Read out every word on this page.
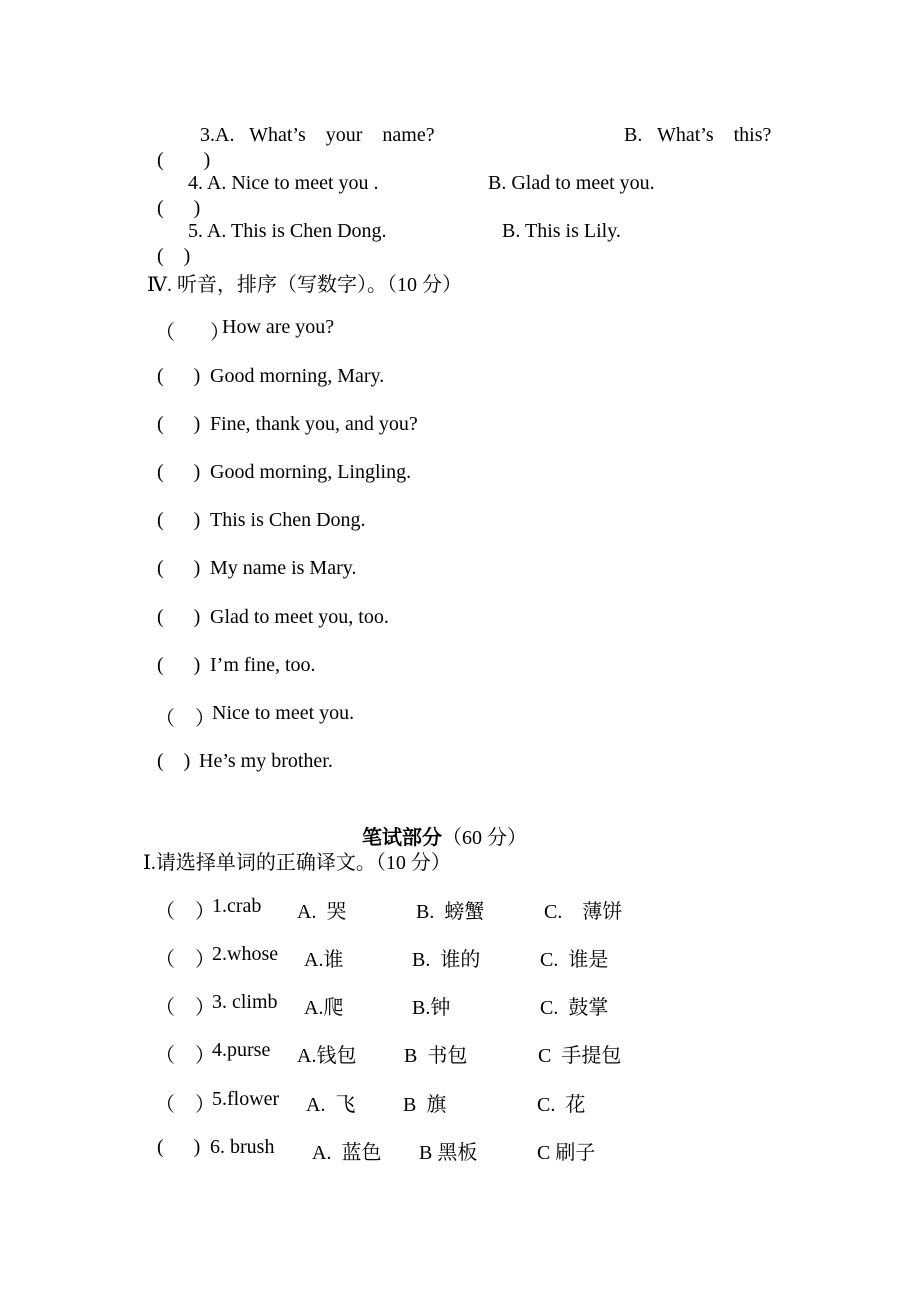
(        )

3.A.   What’s    your    name?	B.   What’s    this?

(      )

4. A. Nice to meet you .	B. Glad to meet you.

(    )

5. A. This is Chen Dong.	B. This is Lily.
Ⅳ. 听音，排序（写数字）。（10 分）
（       ）
How are you?
(      ) Good morning, Mary.
(      ) Fine, thank you, and you?
(      ) Good morning, Lingling.
(      ) This is Chen Dong.
(      ) My name is Mary.
(      ) Glad to meet you, too.
(      ) I’m fine, too.
（    ）
Nice to meet you.
(    ) He’s my brother.

笔试部分（60 分）

Ⅰ.请选择单词的正确译文。（10 分）
（    ）
1.crab A.  哭	B.  螃蟹	C.    薄饼
（    ）
2.whose A.谁	B.  谁的	C.  谁是
（    ）
3. climb A.爬	B.钟	C.  鼓掌
（    ）
4.purse A.钱包 B  书包	C  手提包
（    ）
5.flower A.  飞 B  旗	C.  花
(      ) 6. brush A.  蓝色 B 黑板	C 刷子
